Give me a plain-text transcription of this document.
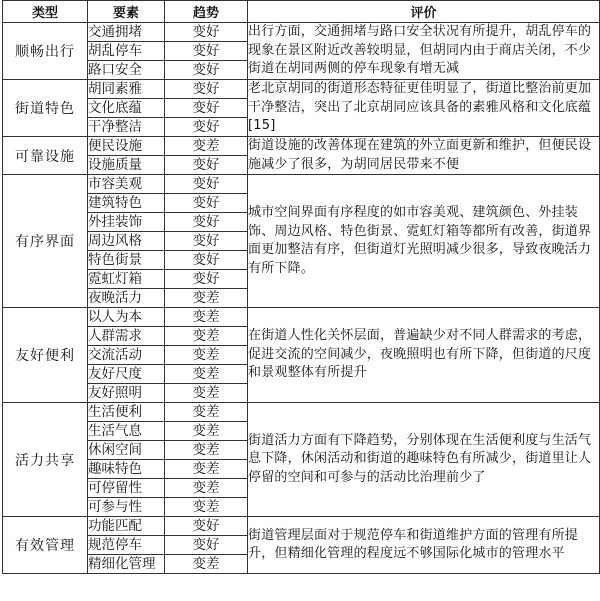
类型	要素	趋势	评价
顺畅出行	交通拥堵	变好	出行方面，交通拥堵与路口安全状况有所提升，胡乱停车的现象在景区附近改善较明显，但胡同内由于商店关闭，不少街道在胡同两侧的停车现象有增无减
	胡乱停车	变好	
	路口安全	变好	
街道特色	胡同素雅	变好	老北京胡同的街道形态特征更佳明显了，街道比整治前更加干净整洁，突出了北京胡同应该具备的素雅风格和文化底蕴[15]
	文化底蕴	变好	
	干净整洁	变好	
可靠设施	便民设施	变差	街道设施的改善体现在建筑的外立面更新和维护，但便民设施减少了很多，为胡同居民带来不便
	设施质量	变好	
有序界面	市容美观	变好	城市空间界面有序程度的如市容美观、建筑颜色、外挂装饰、周边风格、特色街景、霓虹灯箱等都所有改善，街道界面更加整洁有序，但街道灯光照明减少很多，导致夜晚活力有所下降。
	建筑特色	变好	
	外挂装饰	变好	
	周边风格	变好	
	特色街景	变好	
	霓虹灯箱	变好	
	夜晚活力	变差	
友好便利	以人为本	变差	在街道人性化关怀层面，普遍缺少对不同人群需求的考虑，促进交流的空间减少，夜晚照明也有所下降，但街道的尺度和景观整体有所提升
	人群需求	变差	
	交流活动	变差	
	友好尺度	变差	
	友好照明	变差	
活力共享	生活便利	变差	街道活力方面有下降趋势，分别体现在生活便利度与生活气息下降，休闲活动和街道的趣味特色有所减少，街道里让人停留的空间和可参与的活动比治理前少了
	生活气息	变差	
	休闲空间	变差	
	趣味特色	变差	
	可停留性	变差	
	可参与性	变差	
有效管理	功能匹配	变好	街道管理层面对于规范停车和街道维护方面的管理有所提升，但精细化管理的程度远不够国际化城市的管理水平
	规范停车	变好	
	精细化管理	变差	
